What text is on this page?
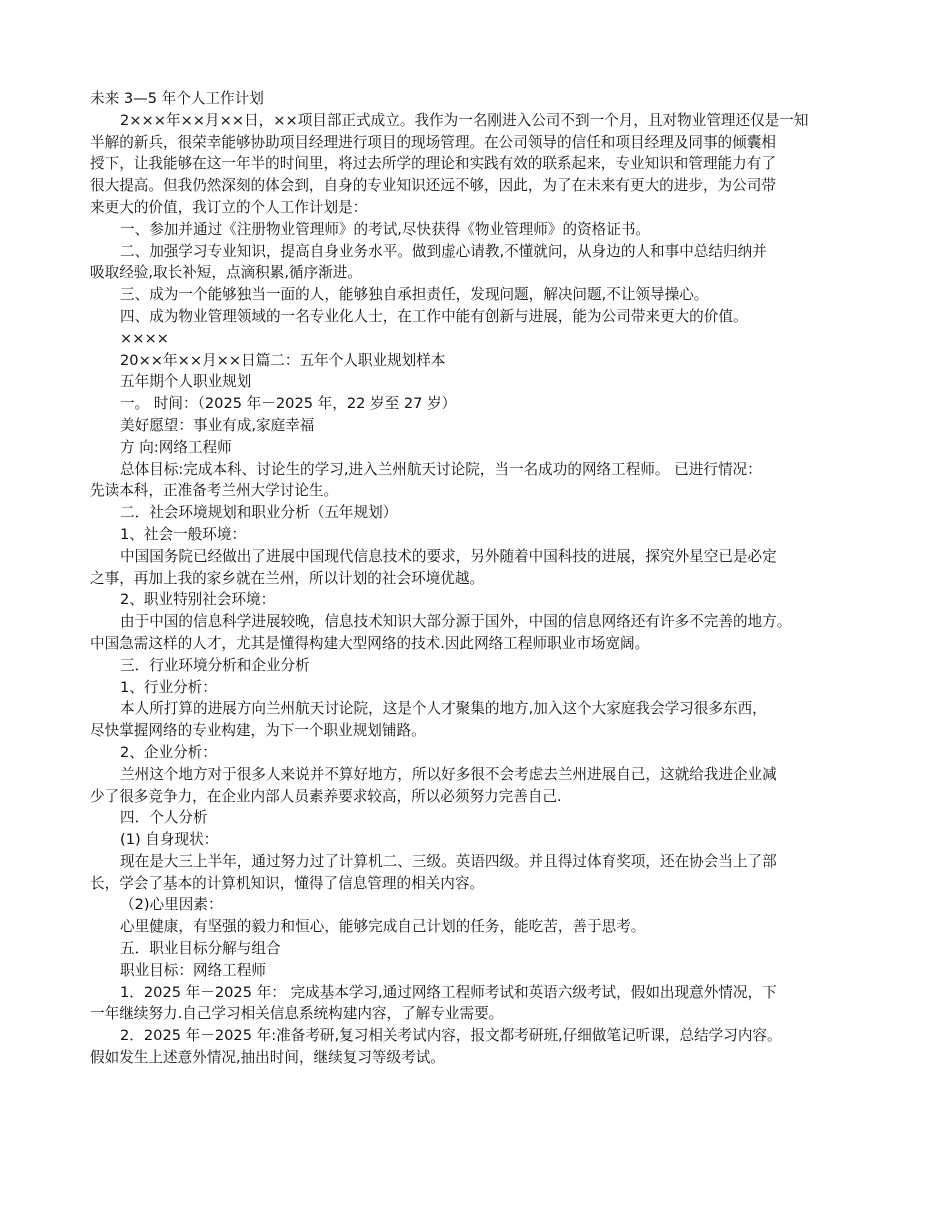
未来 3—5 年个人工作计划
2×××年××月××日，××项目部正式成立。我作为一名刚进入公司不到一个月，且对物业管理还仅是一知
半解的新兵，很荣幸能够协助项目经理进行项目的现场管理。在公司领导的信任和项目经理及同事的倾囊相
授下，让我能够在这一年半的时间里，将过去所学的理论和实践有效的联系起来，专业知识和管理能力有了
很大提高。但我仍然深刻的体会到，自身的专业知识还远不够，因此，为了在未来有更大的进步，为公司带
来更大的价值，我订立的个人工作计划是：
一、参加并通过《注册物业管理师》的考试,尽快获得《物业管理师》的资格证书。
二、加强学习专业知识，提高自身业务水平。做到虚心请教,不懂就问，从身边的人和事中总结归纳并
吸取经验,取长补短，点滴积累,循序渐进。
三、成为一个能够独当一面的人，能够独自承担责任，发现问题，解决问题,不让领导操心。
四、成为物业管理领域的一名专业化人士，在工作中能有创新与进展，能为公司带来更大的价值。
××××
20××年××月××日篇二：五年个人职业规划样本
五年期个人职业规划
一。 时间：（2025 年－2025 年，22 岁至 27 岁）
美好愿望：事业有成,家庭幸福
方 向:网络工程师
总体目标:完成本科、讨论生的学习,进入兰州航天讨论院，当一名成功的网络工程师。 已进行情况：
先读本科，正准备考兰州大学讨论生。
二．社会环境规划和职业分析（五年规划）
1、社会一般环境：
中国国务院已经做出了进展中国现代信息技术的要求，另外随着中国科技的进展，探究外星空已是必定
之事，再加上我的家乡就在兰州，所以计划的社会环境优越。
2、职业特别社会环境：
由于中国的信息科学进展较晚，信息技术知识大部分源于国外，中国的信息网络还有许多不完善的地方。
中国急需这样的人才，尤其是懂得构建大型网络的技术.因此网络工程师职业市场宽阔。
三．行业环境分析和企业分析
1、行业分析：
本人所打算的进展方向兰州航天讨论院，这是个人才聚集的地方,加入这个大家庭我会学习很多东西，
尽快掌握网络的专业构建，为下一个职业规划铺路。
2、企业分析：
兰州这个地方对于很多人来说并不算好地方，所以好多很不会考虑去兰州进展自己，这就给我进企业减
少了很多竞争力，在企业内部人员素养要求较高，所以必须努力完善自己.
四．个人分析
(1) 自身现状：
现在是大三上半年，通过努力过了计算机二、三级。英语四级。并且得过体育奖项，还在协会当上了部
长，学会了基本的计算机知识，懂得了信息管理的相关内容。
（2)心里因素：
心里健康，有坚强的毅力和恒心，能够完成自己计划的任务，能吃苦，善于思考。
五．职业目标分解与组合
职业目标：网络工程师
1．2025 年－2025 年： 完成基本学习,通过网络工程师考试和英语六级考试，假如出现意外情况，下
一年继续努力.自己学习相关信息系统构建内容，了解专业需要。
2．2025 年－2025 年:准备考研,复习相关考试内容，报文都考研班,仔细做笔记听课，总结学习内容。
假如发生上述意外情况,抽出时间，继续复习等级考试。
